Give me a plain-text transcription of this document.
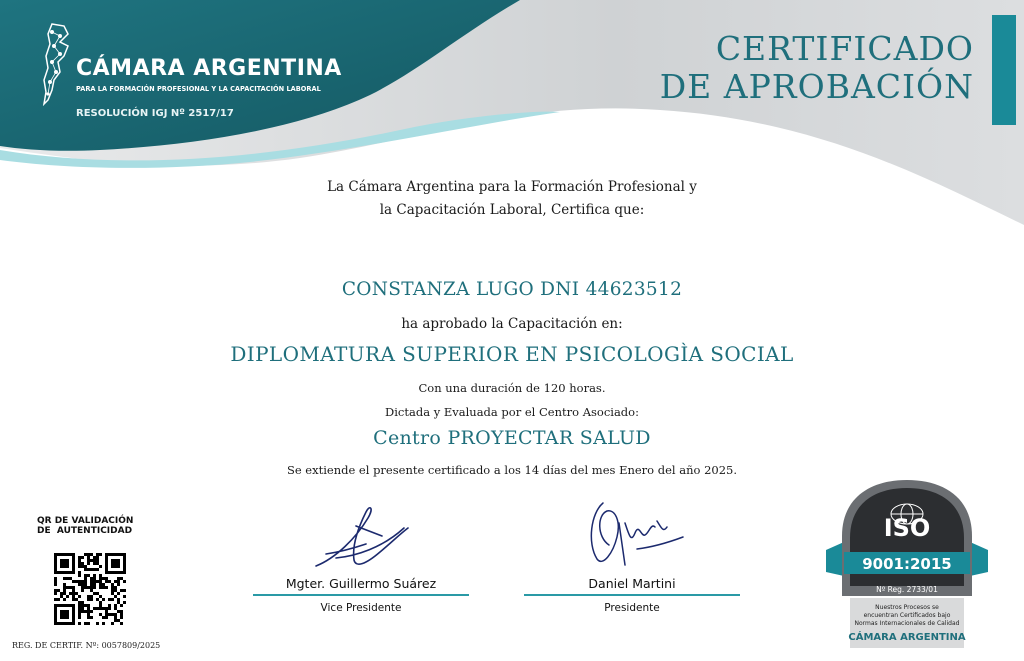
CÁMARA ARGENTINA
PARA LA FORMACIÓN PROFESIONAL Y LA CAPACITACIÓN LABORAL
RESOLUCIÓN IGJ Nº 2517/17
CERTIFICADO
DE APROBACIÓN
La Cámara Argentina para la Formación Profesional y
la Capacitación Laboral, Certifica que:
CONSTANZA LUGO DNI 44623512
ha aprobado la Capacitación en:
DIPLOMATURA SUPERIOR EN PSICOLOGÌA SOCIAL
Con una duración de 120 horas.
Dictada y Evaluada por el Centro Asociado:
Centro PROYECTAR SALUD
Se extiende el presente certificado a los 14 días del mes Enero del año 2025.
QR DE VALIDACIÓN
DE  AUTENTICIDAD
REG. DE CERTIF. Nº: 0057809/2025
Mgter. Guillermo Suárez
Vice Presidente
Daniel Martini
Presidente
ISO
9001:2015
Nº Reg. 2733/01
Nuestros Procesos se
encuentran Certificados bajo
Normas Internacionales de Calidad
CÁMARA ARGENTINA
